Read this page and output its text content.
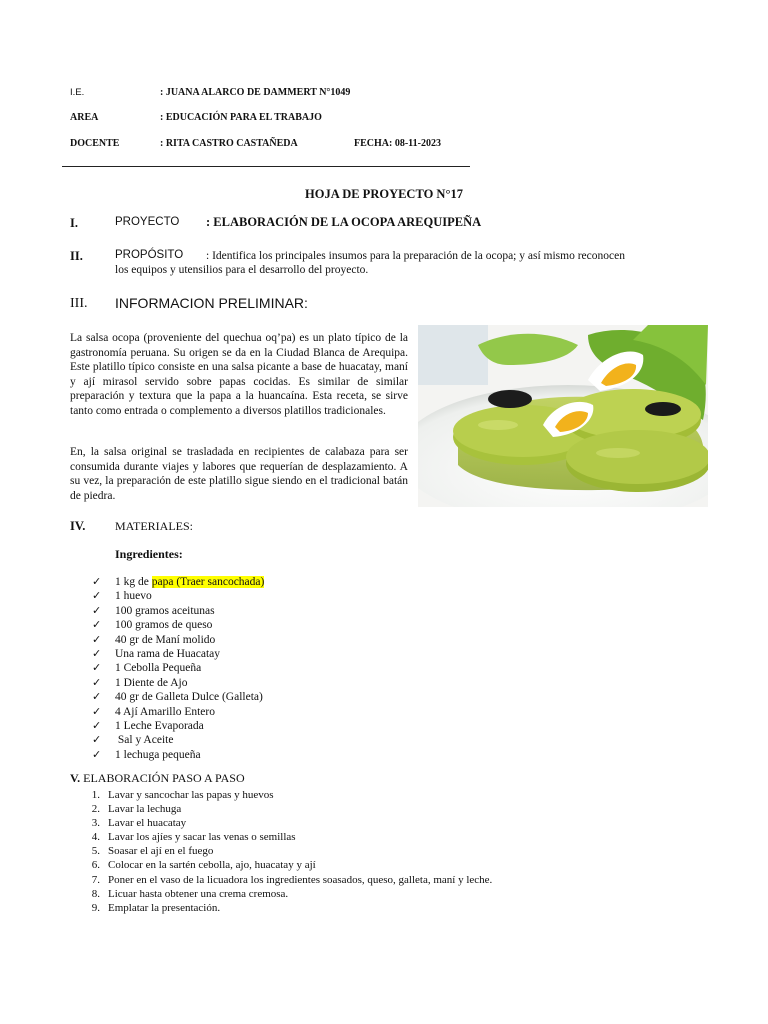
I.E.	: JUANA ALARCO DE DAMMERT N°1049
AREA	: EDUCACIÓN PARA EL TRABAJO
DOCENTE	: RITA CASTRO CASTAÑEDA	FECHA: 08-11-2023
HOJA DE PROYECTO N°17
I.	PROYECTO : ELABORACIÓN DE LA OCOPA AREQUIPEÑA
II.	PROPÓSITO : Identifica los principales insumos para la preparación de la ocopa; y así mismo reconocen
los equipos y utensilios para el desarrollo del proyecto.
III. INFORMACION PRELIMINAR:

La salsa ocopa (proveniente del quechua oq’pa) es un plato típico de la gastronomía peruana. Su origen se da en la Ciudad Blanca de Arequipa. Este platillo típico consiste en una salsa picante a base de huacatay, maní y ají mirasol servido sobre papas cocidas. Es similar de similar preparación y textura que la papa a la huancaína. Esta receta, se sirve tanto como entrada o complemento a diversos platillos tradicionales.

En, la salsa original se trasladada en recipientes de calabaza para ser consumida durante viajes y labores que requerían de desplazamiento. A su vez, la preparación de este platillo sigue siendo en el tradicional batán de piedra.

IV. MATERIALES:
Ingredientes:
✓ 1 kg de papa (Traer sancochada)
✓ 1 huevo
✓ 100 gramos aceitunas
✓ 100 gramos de queso
✓ 40 gr de Maní molido
✓ Una rama de Huacatay
✓ 1 Cebolla Pequeña
✓ 1 Diente de Ajo
✓ 40 gr de Galleta Dulce (Galleta)
✓ 4 Ají Amarillo Entero
✓ 1 Leche Evaporada
✓ Sal y Aceite
✓ 1 lechuga pequeña
V. ELABORACIÓN PASO A PASO
1. Lavar y sancochar las papas y huevos
2. Lavar la lechuga
3. Lavar el huacatay
4. Lavar los ajíes y sacar las venas o semillas
5. Soasar el ají en el fuego
6. Colocar en la sartén cebolla, ajo, huacatay y ají
7. Poner en el vaso de la licuadora los ingredientes soasados, queso, galleta, maní y leche.
8. Licuar hasta obtener una crema cremosa.
9. Emplatar la presentación.
